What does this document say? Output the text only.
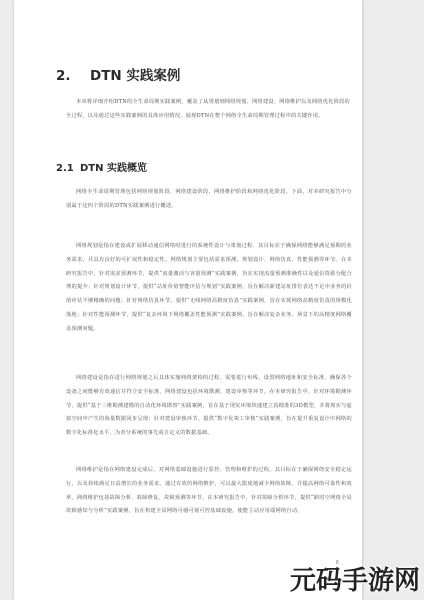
2. DTN 实践案例

本章将详细介绍DTN的全生命周期实践案例，覆盖了从规划到网络规划、网络建设、网络维护以及网络优化阶段的全过程，以及通过这些实践案例的具体应用情况，展现DTN在整个网络全生命周期管理过程中的关键作用。

2.1 DTN 实践概览

网络全生命周期管理包括网络规划阶段、网络建设阶段、网络维护阶段和网络优化阶段。下面，对本研究报告中分别属于这四个阶段的DTN实践案例进行概述。

网络规划是指在建设或扩展移动通信网络时进行的系统性设计与策划过程。其目标在于确保网络能够满足预期的业务需求，并具有良好的可扩展性和稳定性。网络规划主要包括需求预测、规划设计、网络仿真、性能预测等环节。在本研究报告中，针对需求预测环节，提供“流量激活与容量预测”实践案例，旨在实现流量预测准确性以及通信资源分配合理的提升；针对规划设计环节，提供“站址价值智能评估与规划”实践案例，旨在解决新建站址排位表达不足中业务的价值评估不够精确的问题；针对网络仿真环节，提供“无线网络高精度仿真”实践案例，旨在实现网络高精度仿真的规模化落地；针对性能预测环节，提供“复杂环境下网络覆盖性能预测”实践案例，旨在解决复杂业务、场景下的高精度网络覆盖预测问题。

网络建设是指在进行网络规划之后具体实施网络架构的过程，需要进行布线、设置网络地址和安全标准、确保各个设备之间能够有效通信并符合安全标准。网络建设包括环境勘测、建设审核等环节。在本研究报告中，针对环境勘测环节，提供“基于三维勘测建模的自动化环境勘察”实践案例，旨在基于现实环境快速建立真精准的3D模型，并将现实与虚拟空间中产生的海量数据同步呈现；针对建设审核环节，提供“数字化竣工审核”实践案例，旨在提升重复设计中网络的数字化标准化水平，为查分系统的事先或自定义的数据基础。

网络维护是指在网络建设完成后，对网络基础设施进行监控、管理和维护的过程。其目标在于确保网络安全稳定运行，以及持续满足日益增长的业务需求。通过有效的网络维护，可以最大限度地减少网络故障，并提高网络可靠性和效率。网络维护包括故障分析、故障修复、故障预测等环节。在本研究报告中，针对故障分析环节，提供“跨时空网络全局故障感知与分析”实践案例，旨在构建全局网络可感可视可控基础设施，使能主动应用端网络自动。

6
元码手游网
